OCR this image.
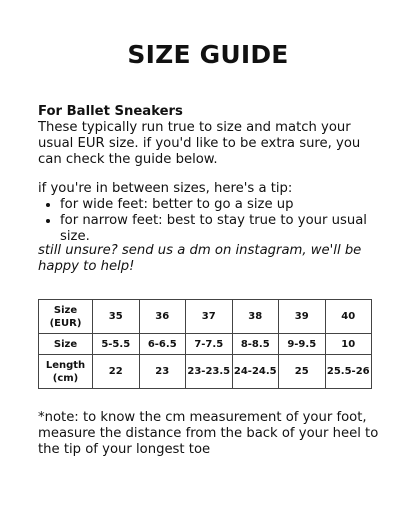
SIZE GUIDE
For Ballet Sneakers
These typically run true to size and match your usual EUR size. if you'd like to be extra sure, you can check the guide below.
if you're in between sizes, here's a tip:
• for wide feet: better to go a size up
• for narrow feet: best to stay true to your usual size.
still unsure? send us a dm on instagram, we'll be happy to help!
Size
(EUR)	35	36	37	38	39	40
Size	5-5.5	6-6.5	7-7.5	8-8.5	9-9.5	10
Length
(cm)	22	23	23-23.5	24-24.5	25	25.5-26
*note: to know the cm measurement of your foot, measure the distance from the back of your heel to the tip of your longest toe
